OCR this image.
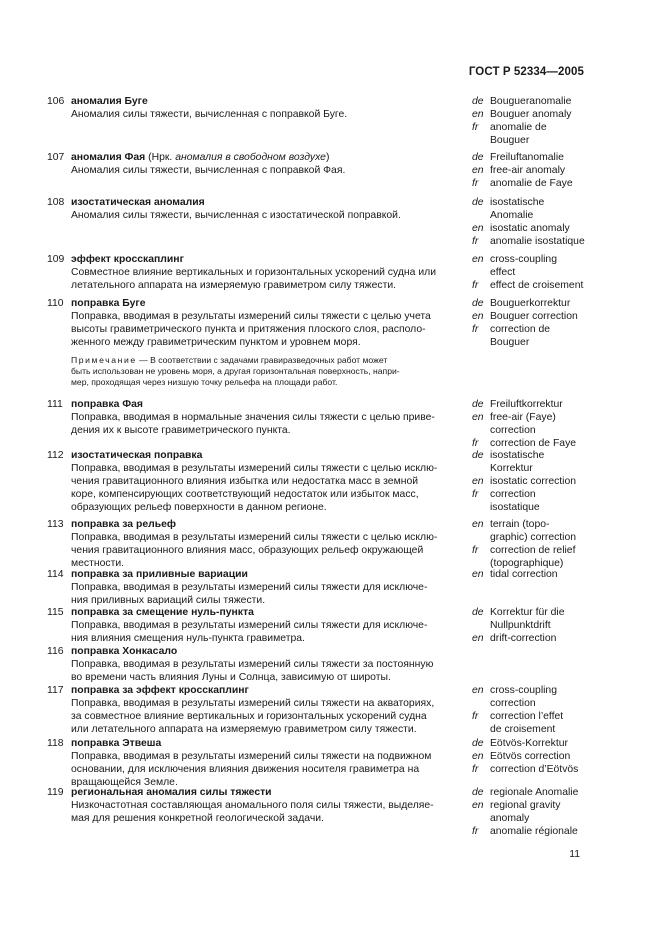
ГОСТ Р 52334—2005
106 аномалия Буге
Аномалия силы тяжести, вычисленная с поправкой Буге.
de Bougueranomalie
en Bouguer anomaly
fr anomalie de
Bouguer
107 аномалия Фая (Нрк. аномалия в свободном воздухе)
Аномалия силы тяжести, вычисленная с поправкой Фая.
de Freiluftanomalie
en free-air anomaly
fr anomalie de Faye
108 изостатическая аномалия
Аномалия силы тяжести, вычисленная с изостатической поправкой.
de isostatische
Anomalie
en isostatic anomaly
fr anomalie isostatique
109 эффект кросскаплинг
Совместное влияние вертикальных и горизонтальных ускорений судна или
летательного аппарата на измеряемую гравиметром силу тяжести.
en cross-coupling
effect
fr effect de croisement
110 поправка Буге
Поправка, вводимая в результаты измерений силы тяжести с целью учета
высоты гравиметрического пункта и притяжения плоского слоя, располо-
женного между гравиметрическим пунктом и уровнем моря.
Примечание — В соответствии с задачами гравиразведочных работ может
быть использован не уровень моря, а другая горизонтальная поверхность, напри-
мер, проходящая через низшую точку рельефа на площади работ.
de Bouguerkorrektur
en Bouguer correction
fr correction de
Bouguer
111 поправка Фая
Поправка, вводимая в нормальные значения силы тяжести с целью приве-
дения их к высоте гравиметрического пункта.
de Freiluftkorrektur
en free-air (Faye)
correction
fr correction de Faye
112 изостатическая поправка
Поправка, вводимая в результаты измерений силы тяжести с целью исклю-
чения гравитационного влияния избытка или недостатка масс в земной
коре, компенсирующих соответствующий недостаток или избыток масс,
образующих рельеф поверхности в данном регионе.
de isostatische
Korrektur
en isostatic correction
fr correction
isostatique
113 поправка за рельеф
Поправка, вводимая в результаты измерений силы тяжести с целью исклю-
чения гравитационного влияния масс, образующих рельеф окружающей
местности.
en terrain (topo-
graphic) correction
fr correction de relief
(topographique)
114 поправка за приливные вариации
Поправка, вводимая в результаты измерений силы тяжести для исключе-
ния приливных вариаций силы тяжести.
en tidal correction
115 поправка за смещение нуль-пункта
Поправка, вводимая в результаты измерений силы тяжести для исключе-
ния влияния смещения нуль-пункта гравиметра.
de Korrektur für die
Nullpunktdrift
en drift-correction
116 поправка Хонкасало
Поправка, вводимая в результаты измерений силы тяжести за постоянную
во времени часть влияния Луны и Солнца, зависимую от широты.
117 поправка за эффект кросскаплинг
Поправка, вводимая в результаты измерений силы тяжести на акваториях,
за совместное влияние вертикальных и горизонтальных ускорений судна
или летательного аппарата на измеряемую гравиметром силу тяжести.
en cross-coupling
correction
fr correction l’effet
de croisement
118 поправка Этвеша
Поправка, вводимая в результаты измерений силы тяжести на подвижном
основании, для исключения влияния движения носителя гравиметра на
вращающейся Земле.
de Eötvös-Korrektur
en Eötvös correction
fr correction d’Eötvös
119 региональная аномалия силы тяжести
Низкочастотная составляющая аномального поля силы тяжести, выделяе-
мая для решения конкретной геологической задачи.
de regionale Anomalie
en regional gravity
anomaly
fr anomalie régionale
11
